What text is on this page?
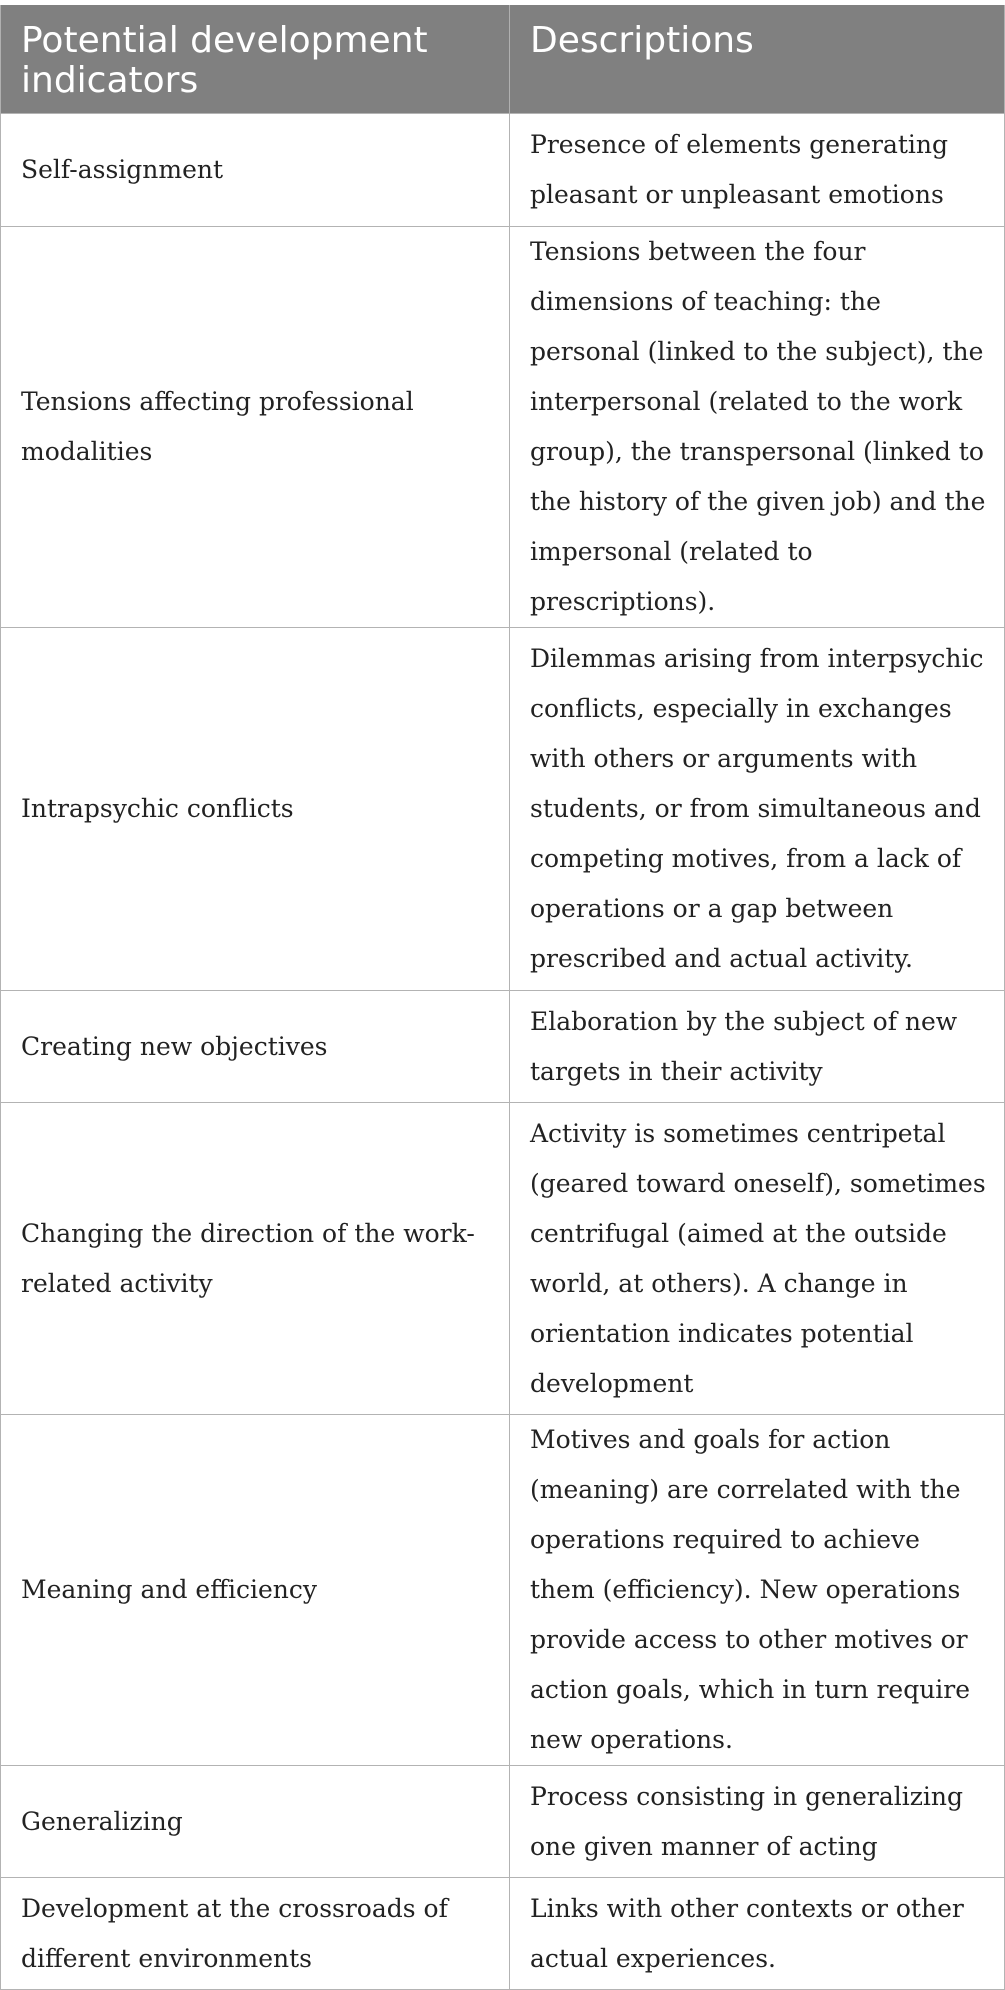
Potential development indicators	Descriptions
Self-assignment	Presence of elements generating pleasant or unpleasant emotions
Tensions affecting professional modalities	Tensions between the four dimensions of teaching: the personal (linked to the subject), the interpersonal (related to the work group), the transpersonal (linked to the history of the given job) and the impersonal (related to prescriptions).
Intrapsychic conflicts	Dilemmas arising from interpsychic conflicts, especially in exchanges with others or arguments with students, or from simultaneous and competing motives, from a lack of operations or a gap between prescribed and actual activity.
Creating new objectives	Elaboration by the subject of new targets in their activity
Changing the direction of the work-related activity	Activity is sometimes centripetal (geared toward oneself), sometimes centrifugal (aimed at the outside world, at others). A change in orientation indicates potential development
Meaning and efficiency	Motives and goals for action (meaning) are correlated with the operations required to achieve them (efficiency). New operations provide access to other motives or action goals, which in turn require new operations.
Generalizing	Process consisting in generalizing one given manner of acting
Development at the crossroads of different environments	Links with other contexts or other actual experiences.
